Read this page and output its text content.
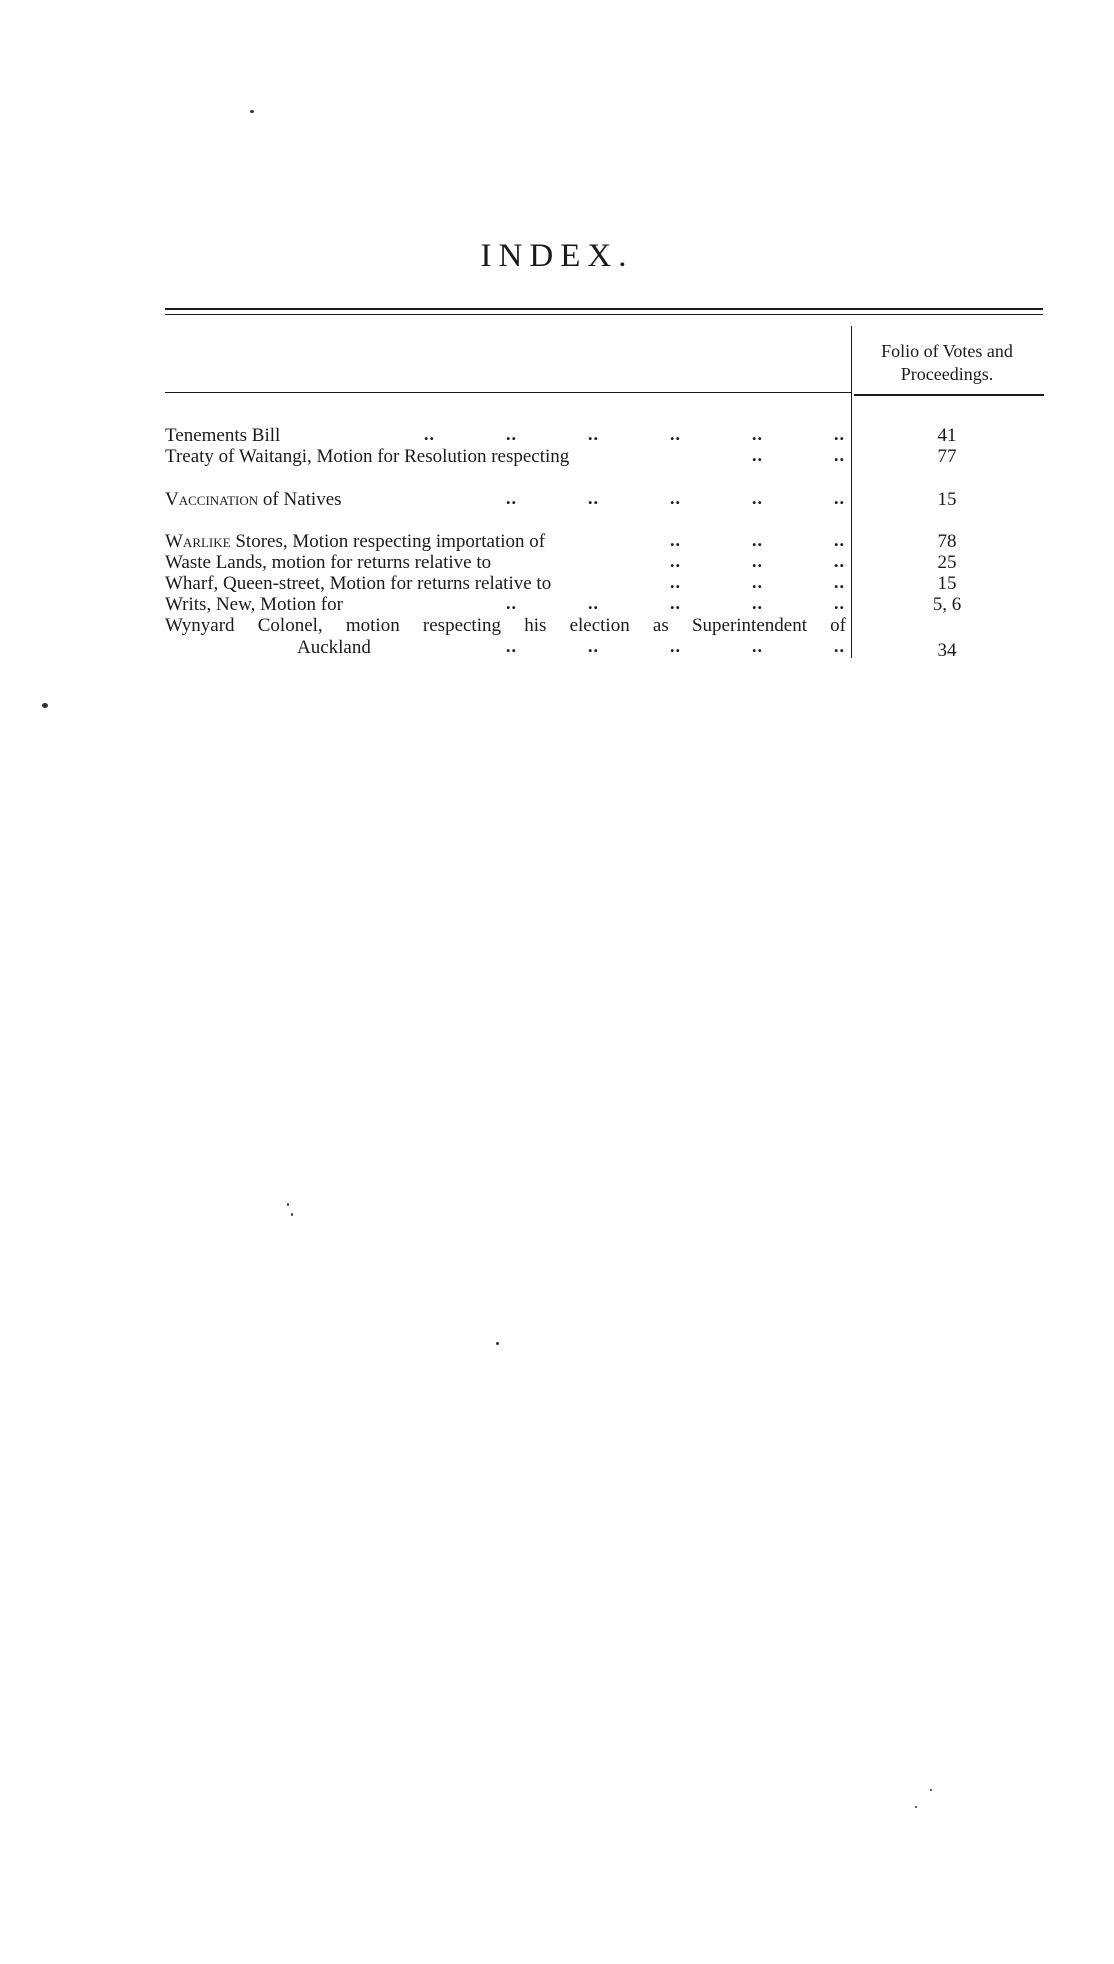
INDEX.
Folio of Votes and Proceedings.
Tenements Bill	..	..	..	..	..	..	41
Treaty of Waitangi, Motion for Resolution respecting	..	..	77
Vaccination of Natives	..	..	..	..	..	15
Warlike Stores, Motion respecting importation of	..	..	..	78
Waste Lands, motion for returns relative to	..	..	..	25
Wharf, Queen-street, Motion for returns relative to	..	..	..	15
Writs, New, Motion for	..	..	..	..	..	5, 6
Wynyard Colonel, motion respecting his election as Superintendent of
Auckland	..	..	..	..	..	34
